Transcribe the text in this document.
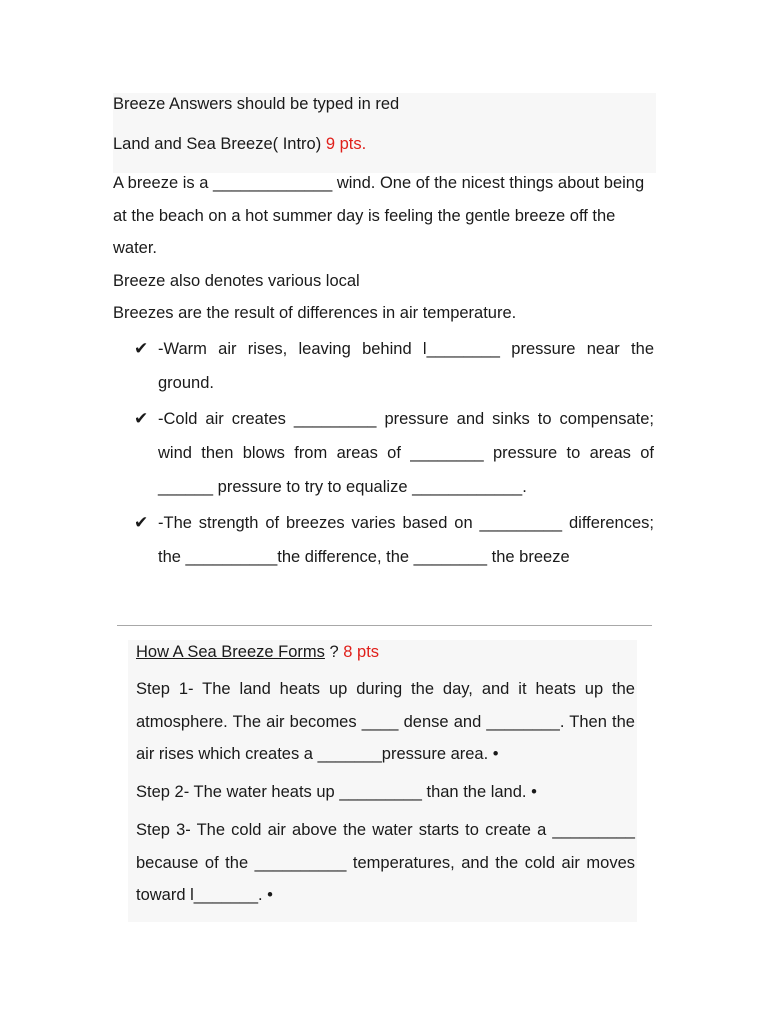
Breeze Answers should be typed in red
Land and Sea Breeze( Intro) 9 pts.
A breeze is a _____________ wind. One of the nicest things about being at the beach on a hot summer day is feeling the gentle breeze off the water.
Breeze also denotes various local
Breezes are the result of differences in air temperature.
✔ -Warm air rises, leaving behind l________ pressure near the ground.
✔ -Cold air creates _________ pressure and sinks to compensate; wind then blows from areas of ________ pressure to areas of ______ pressure to try to equalize ____________.
✔ -The strength of breezes varies based on _________ differences; the __________the difference, the ________ the breeze
How A Sea Breeze Forms ? 8 pts
Step 1- The land heats up during the day, and it heats up the atmosphere. The air becomes ____ dense and ________. Then the air rises which creates a _______pressure area. •
Step 2- The water heats up _________ than the land. •
Step 3- The cold air above the water starts to create a _________ because of the __________ temperatures, and the cold air moves toward l_______. •
